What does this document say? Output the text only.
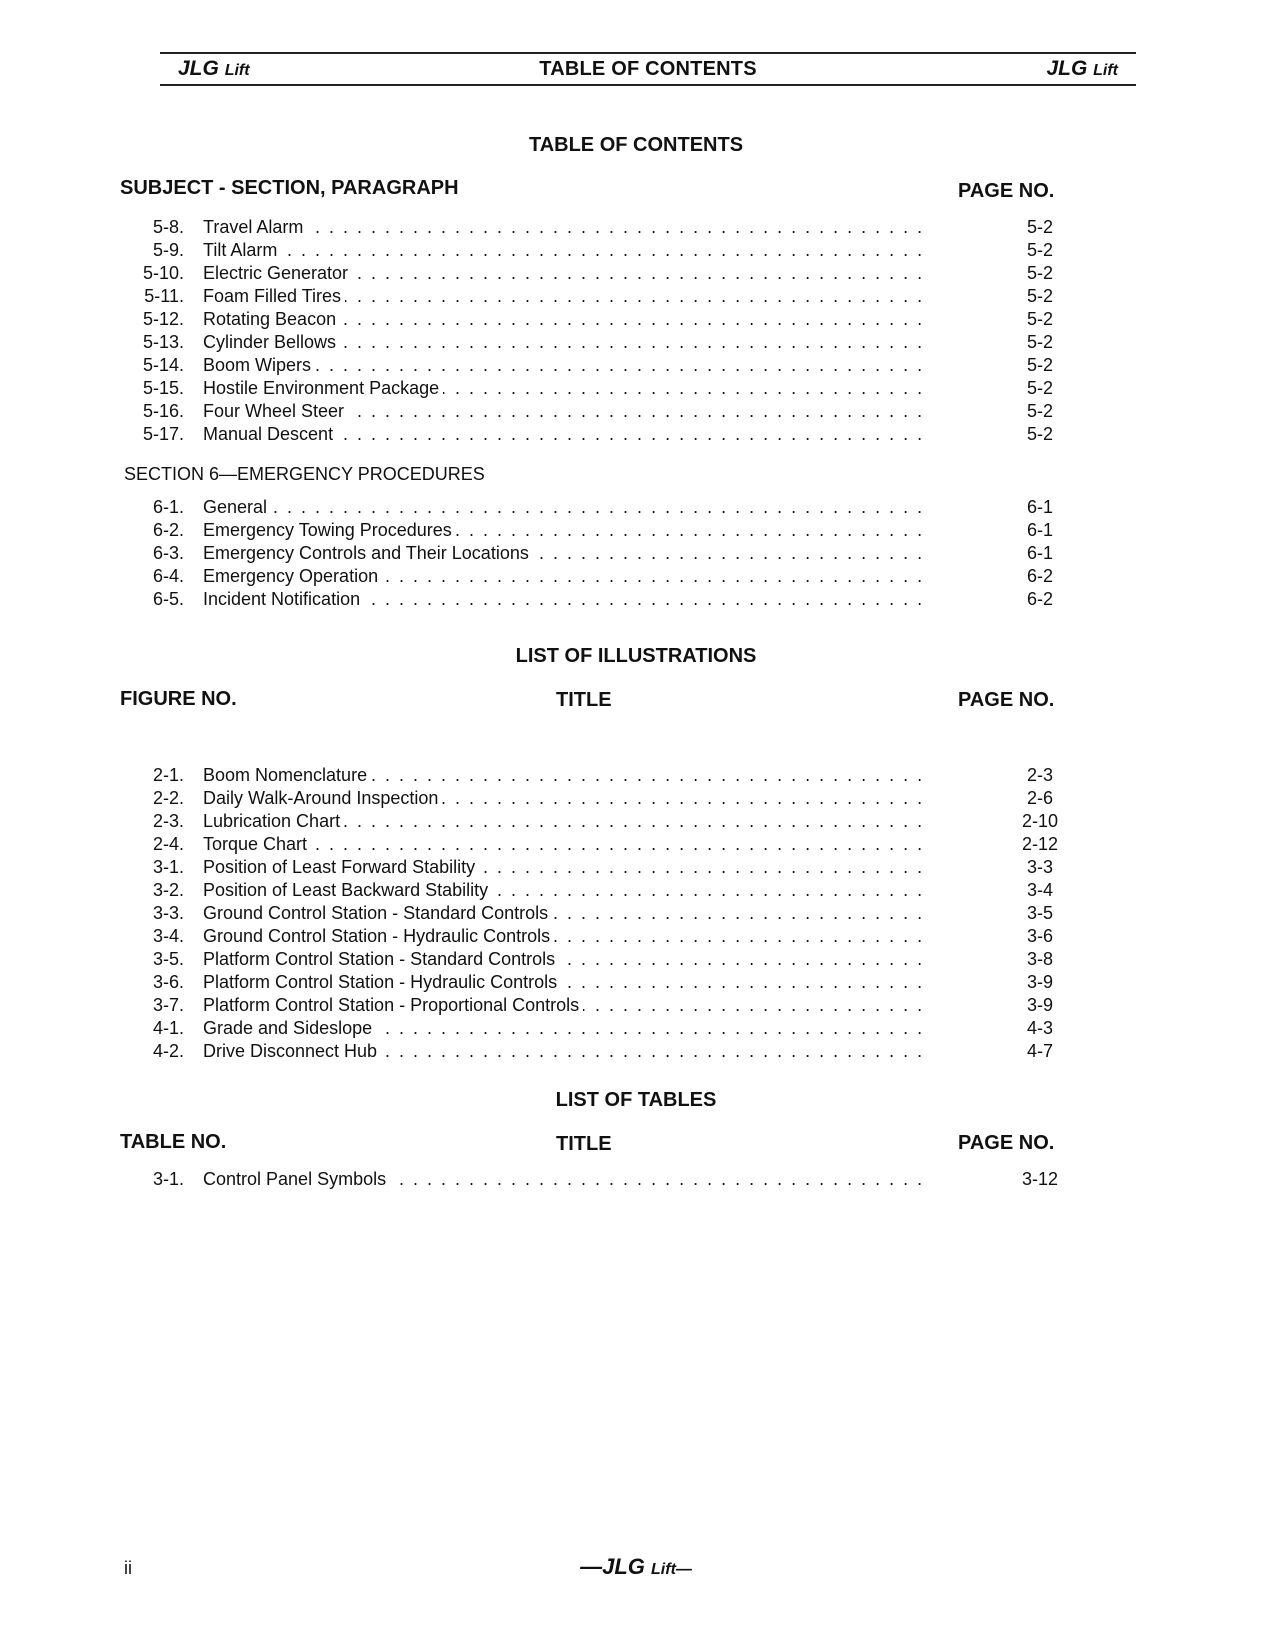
JLG Lift	TABLE OF CONTENTS	JLG Lift
TABLE OF CONTENTS
SUBJECT - SECTION, PARAGRAPH	PAGE NO.
5-8. Travel Alarm . . .	5-2
5-9. Tilt Alarm . . .	5-2
5-10. Electric Generator . . .	5-2
5-11. Foam Filled Tires . . .	5-2
5-12. Rotating Beacon . . .	5-2
5-13. Cylinder Bellows . . .	5-2
5-14. Boom Wipers . . .	5-2
5-15. Hostile Environment Package . . .	5-2
5-16. Four Wheel Steer . . .	5-2
5-17. Manual Descent . . .	5-2
SECTION 6—EMERGENCY PROCEDURES
6-1. General . . .	6-1
6-2. Emergency Towing Procedures . . .	6-1
6-3. Emergency Controls and Their Locations . . .	6-1
6-4. Emergency Operation . . .	6-2
6-5. Incident Notification . . .	6-2
LIST OF ILLUSTRATIONS
FIGURE NO.	TITLE	PAGE NO.
2-1. Boom Nomenclature . . .	2-3
2-2. Daily Walk-Around Inspection . . .	2-6
2-3. Lubrication Chart . . .	2-10
2-4. Torque Chart . . .	2-12
3-1. Position of Least Forward Stability . . .	3-3
3-2. Position of Least Backward Stability . . .	3-4
3-3. Ground Control Station - Standard Controls . . .	3-5
3-4. Ground Control Station - Hydraulic Controls . . .	3-6
3-5. Platform Control Station - Standard Controls . . .	3-8
3-6. Platform Control Station - Hydraulic Controls . . .	3-9
3-7. Platform Control Station - Proportional Controls . . .	3-9
4-1. Grade and Sideslope . . .	4-3
4-2. Drive Disconnect Hub . . .	4-7
LIST OF TABLES
TABLE NO.	TITLE	PAGE NO.
3-1. Control Panel Symbols . . .	3-12
ii	—JLG Lift—
